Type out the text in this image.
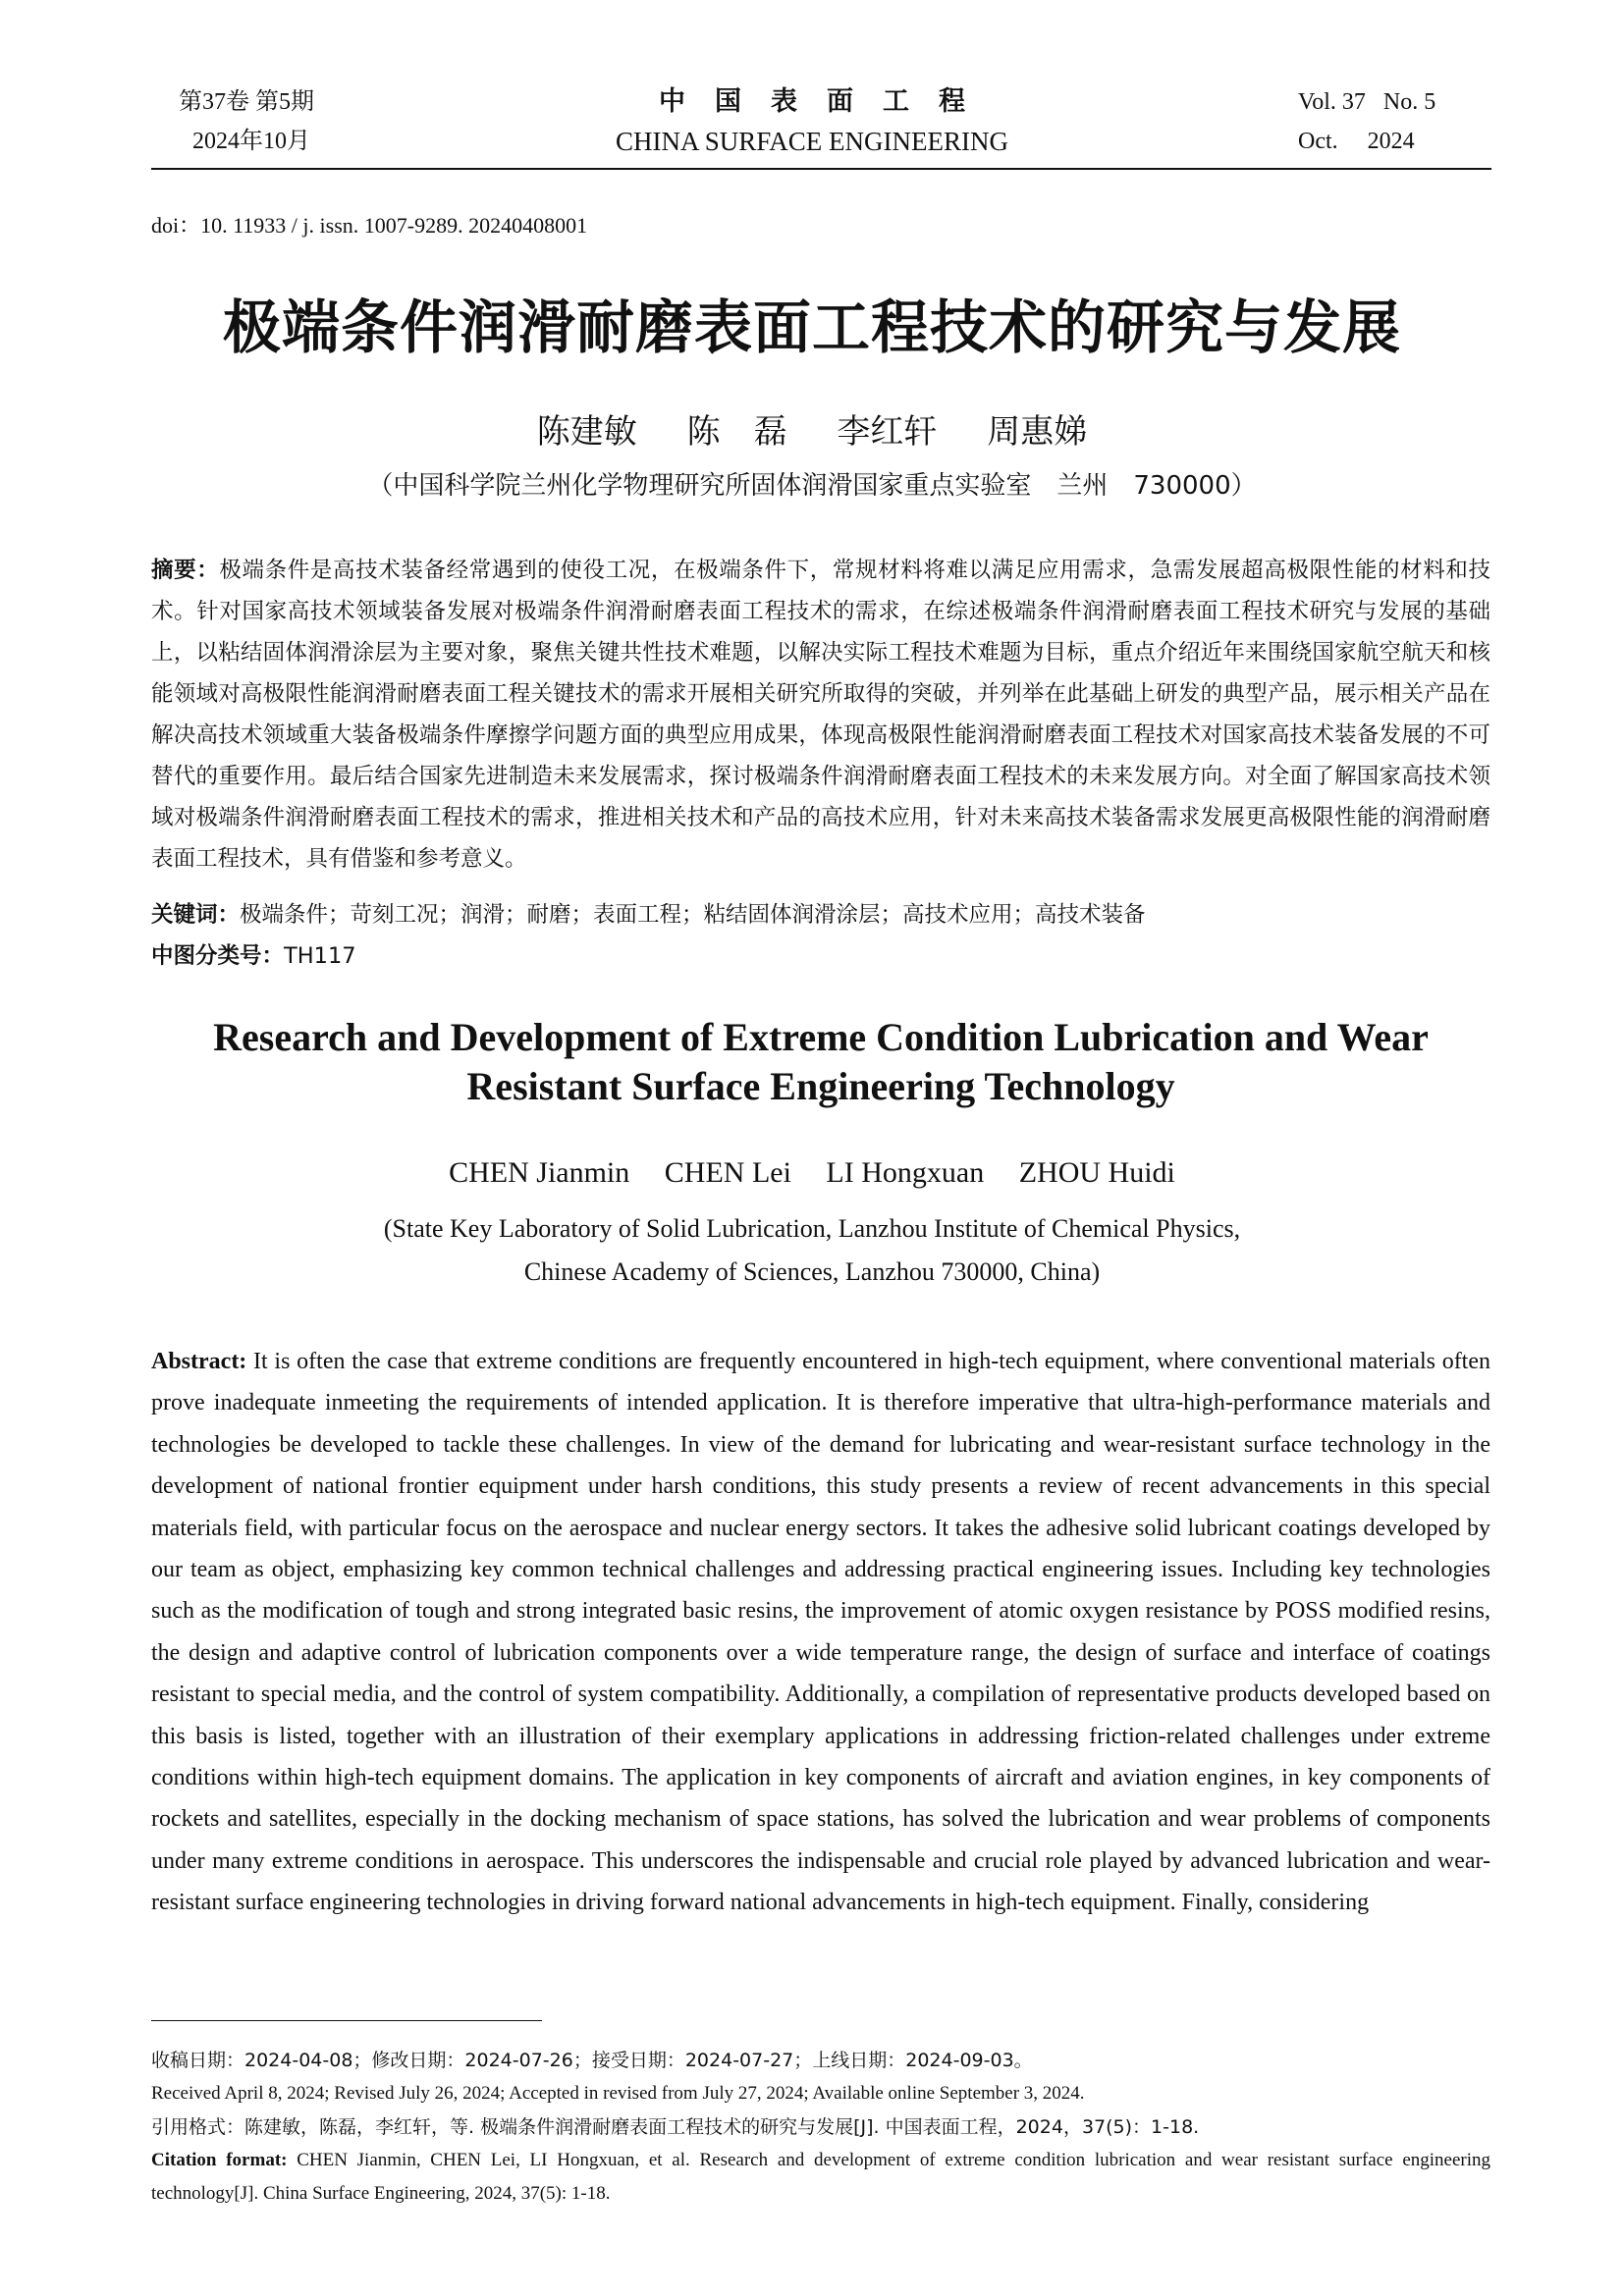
第37卷 第5期
2024年10月
中国表面工程
CHINA SURFACE ENGINEERING
Vol. 37   No. 5
Oct.     2024
doi：10. 11933 / j. issn. 1007-9289. 20240408001
极端条件润滑耐磨表面工程技术的研究与发展
陈建敏 陈　磊 李红轩 周惠娣
（中国科学院兰州化学物理研究所固体润滑国家重点实验室　兰州　730000）
摘要：极端条件是高技术装备经常遇到的使役工况，在极端条件下，常规材料将难以满足应用需求，急需发展超高极限性能的材料和技术。针对国家高技术领域装备发展对极端条件润滑耐磨表面工程技术的需求，在综述极端条件润滑耐磨表面工程技术研究与发展的基础上，以粘结固体润滑涂层为主要对象，聚焦关键共性技术难题，以解决实际工程技术难题为目标，重点介绍近年来围绕国家航空航天和核能领域对高极限性能润滑耐磨表面工程关键技术的需求开展相关研究所取得的突破，并列举在此基础上研发的典型产品，展示相关产品在解决高技术领域重大装备极端条件摩擦学问题方面的典型应用成果，体现高极限性能润滑耐磨表面工程技术对国家高技术装备发展的不可替代的重要作用。最后结合国家先进制造未来发展需求，探讨极端条件润滑耐磨表面工程技术的未来发展方向。对全面了解国家高技术领域对极端条件润滑耐磨表面工程技术的需求，推进相关技术和产品的高技术应用，针对未来高技术装备需求发展更高极限性能的润滑耐磨表面工程技术，具有借鉴和参考意义。
关键词：极端条件；苛刻工况；润滑；耐磨；表面工程；粘结固体润滑涂层；高技术应用；高技术装备
中图分类号：TH117
Research and Development of Extreme Condition Lubrication and Wear Resistant Surface Engineering Technology
CHEN Jianmin CHEN Lei LI Hongxuan ZHOU Huidi
(State Key Laboratory of Solid Lubrication, Lanzhou Institute of Chemical Physics,
Chinese Academy of Sciences, Lanzhou 730000, China)
Abstract: It is often the case that extreme conditions are frequently encountered in high-tech equipment, where conventional materials often prove inadequate inmeeting the requirements of intended application. It is therefore imperative that ultra-high-performance materials and technologies be developed to tackle these challenges. In view of the demand for lubricating and wear-resistant surface technology in the development of national frontier equipment under harsh conditions, this study presents a review of recent advancements in this special materials field, with particular focus on the aerospace and nuclear energy sectors. It takes the adhesive solid lubricant coatings developed by our team as object, emphasizing key common technical challenges and addressing practical engineering issues. Including key technologies such as the modification of tough and strong integrated basic resins, the improvement of atomic oxygen resistance by POSS modified resins, the design and adaptive control of lubrication components over a wide temperature range, the design of surface and interface of coatings resistant to special media, and the control of system compatibility. Additionally, a compilation of representative products developed based on this basis is listed, together with an illustration of their exemplary applications in addressing friction-related challenges under extreme conditions within high-tech equipment domains. The application in key components of aircraft and aviation engines, in key components of rockets and satellites, especially in the docking mechanism of space stations, has solved the lubrication and wear problems of components under many extreme conditions in aerospace. This underscores the indispensable and crucial role played by advanced lubrication and wear-resistant surface engineering technologies in driving forward national advancements in high-tech equipment. Finally, considering
收稿日期：2024-04-08；修改日期：2024-07-26；接受日期：2024-07-27；上线日期：2024-09-03。
Received April 8, 2024; Revised July 26, 2024; Accepted in revised from July 27, 2024; Available online September 3, 2024.
引用格式：陈建敏，陈磊，李红轩，等. 极端条件润滑耐磨表面工程技术的研究与发展[J]. 中国表面工程，2024，37(5)：1-18.
Citation format: CHEN Jianmin, CHEN Lei, LI Hongxuan, et al. Research and development of extreme condition lubrication and wear resistant surface engineering technology[J]. China Surface Engineering, 2024, 37(5): 1-18.
